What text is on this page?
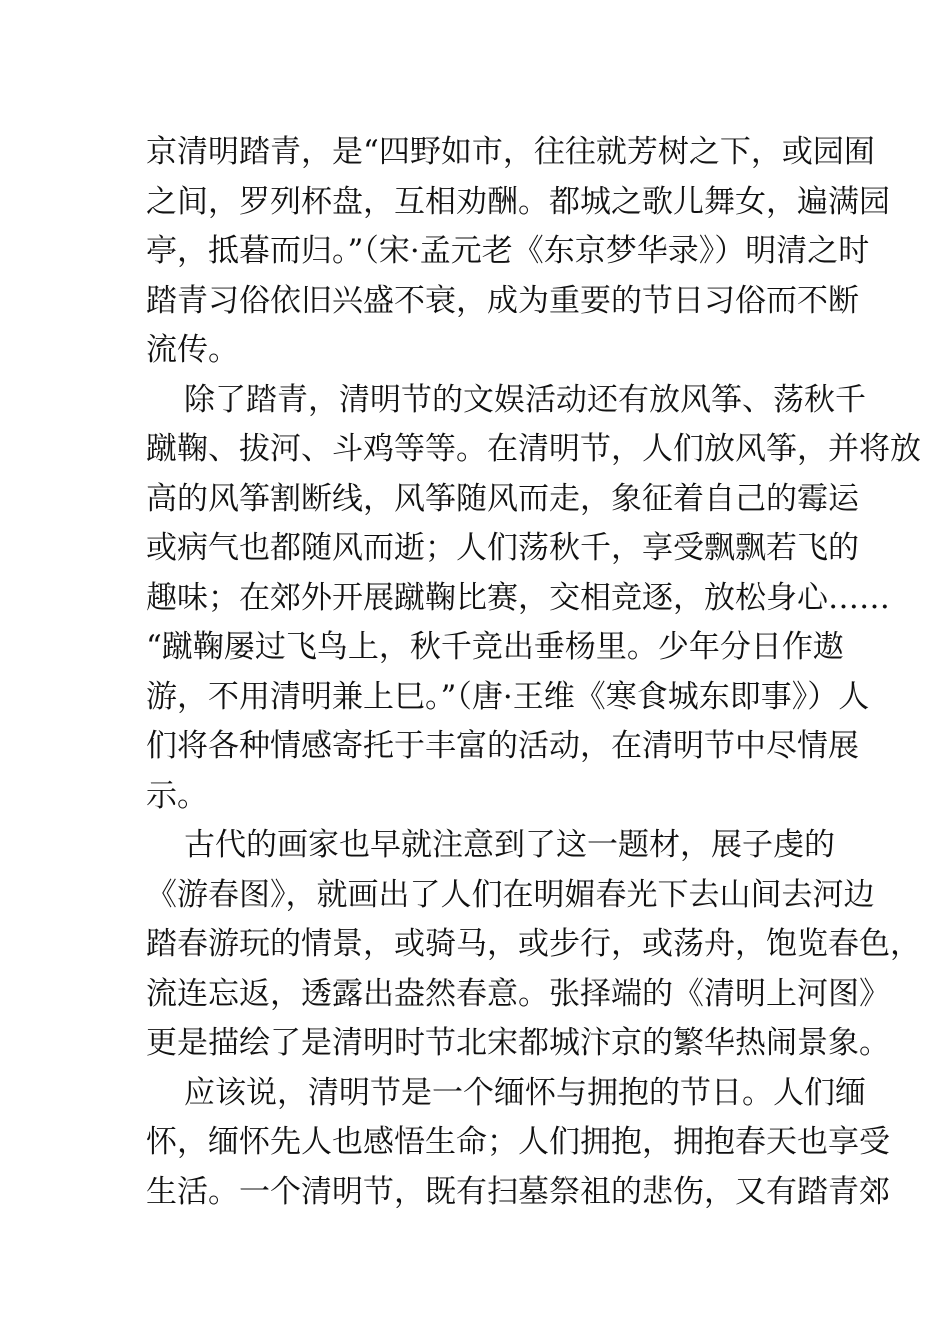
京清明踏青，是“四野如市，往往就芳树之下，或园囿
之间，罗列杯盘，互相劝酬。都城之歌儿舞女，遍满园
亭，抵暮而归。”（宋·孟元老《东京梦华录》）明清之时
踏青习俗依旧兴盛不衰，成为重要的节日习俗而不断
流传。
除了踏青，清明节的文娱活动还有放风筝、荡秋千
蹴鞠、拔河、斗鸡等等。在清明节，人们放风筝，并将放
高的风筝割断线，风筝随风而走，象征着自己的霉运
或病气也都随风而逝；人们荡秋千，享受飘飘若飞的
趣味；在郊外开展蹴鞠比赛，交相竞逐，放松身心……
“蹴鞠屡过飞鸟上，秋千竞出垂杨里。少年分日作遨
游，不用清明兼上巳。”（唐·王维《寒食城东即事》）人
们将各种情感寄托于丰富的活动，在清明节中尽情展
示。
古代的画家也早就注意到了这一题材，展子虔的
《游春图》，就画出了人们在明媚春光下去山间去河边
踏春游玩的情景，或骑马，或步行，或荡舟，饱览春色，
流连忘返，透露出盎然春意。张择端的《清明上河图》
更是描绘了是清明时节北宋都城汴京的繁华热闹景象。
应该说，清明节是一个缅怀与拥抱的节日。人们缅
怀，缅怀先人也感悟生命；人们拥抱，拥抱春天也享受
生活。一个清明节，既有扫墓祭祖的悲伤，又有踏青郊
